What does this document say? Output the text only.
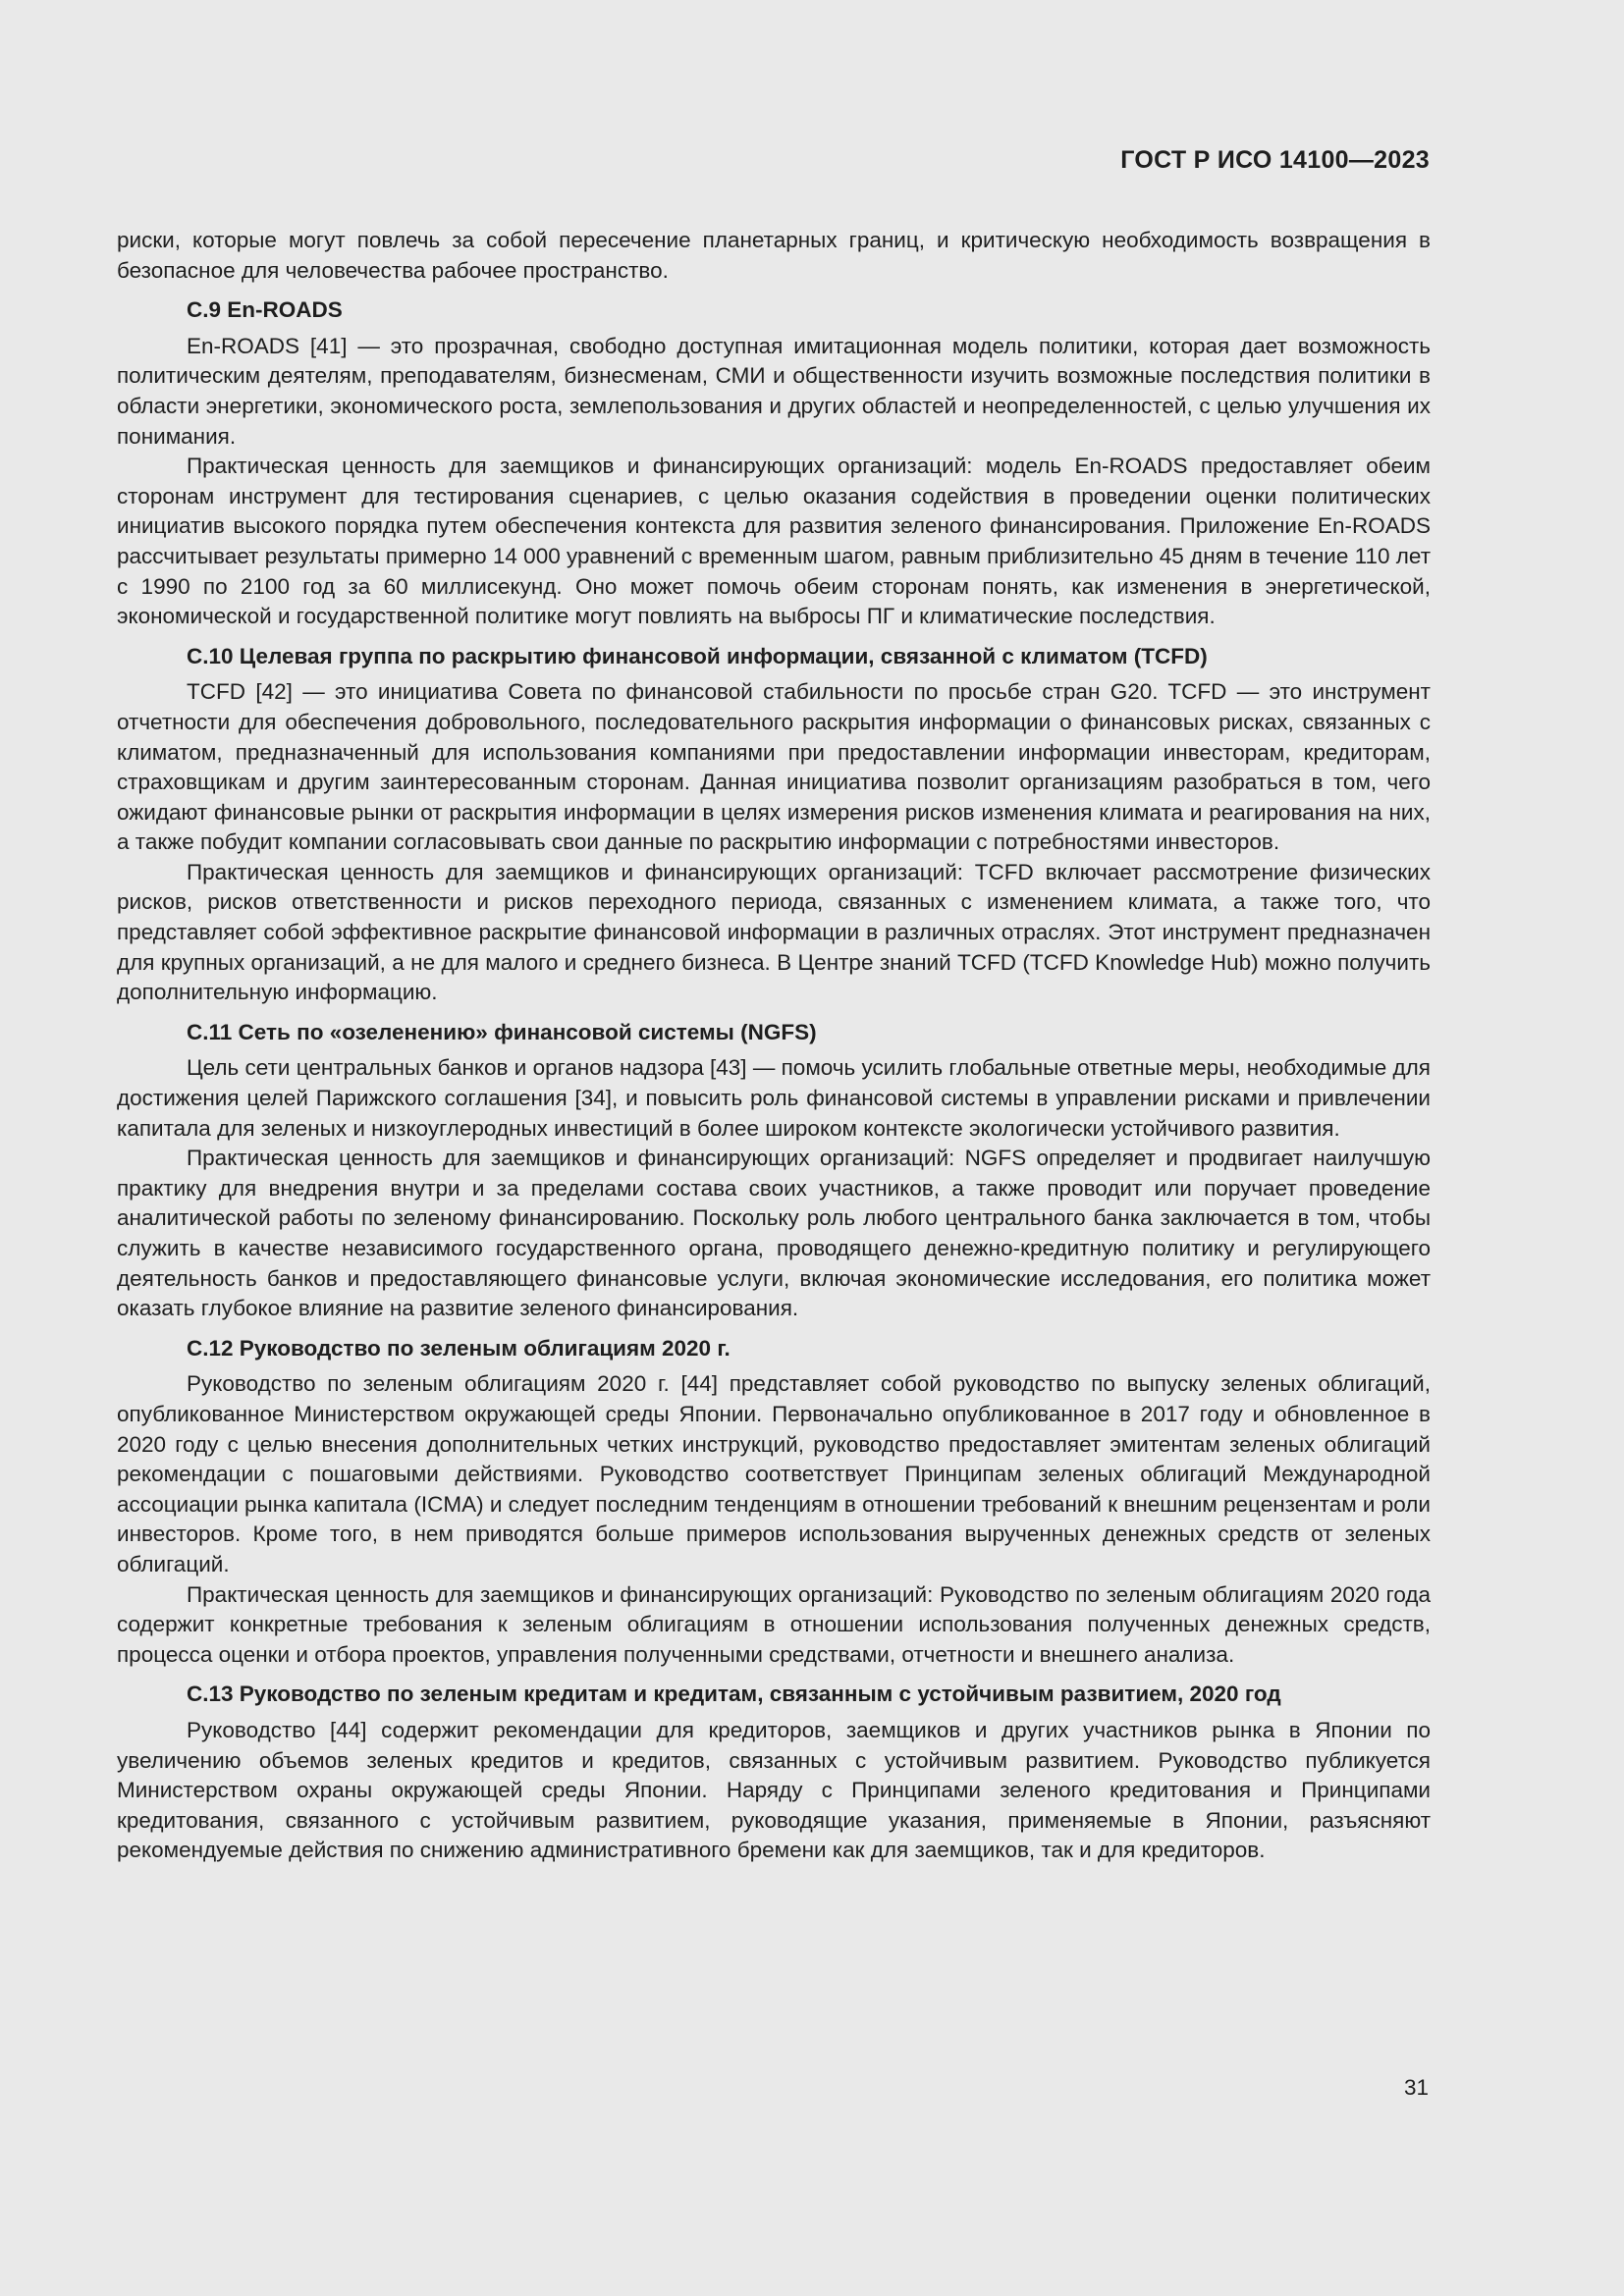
ГОСТ Р ИСО 14100—2023

риски, которые могут повлечь за собой пересечение планетарных границ, и критическую необходимость возвращения в безопасное для человечества рабочее пространство.

С.9 En-ROADS

En-ROADS [41] — это прозрачная, свободно доступная имитационная модель политики, которая дает возможность политическим деятелям, преподавателям, бизнесменам, СМИ и общественности изучить возможные последствия политики в области энергетики, экономического роста, землепользования и других областей и неопределенностей, с целью улучшения их понимания.

Практическая ценность для заемщиков и финансирующих организаций: модель En-ROADS предоставляет обеим сторонам инструмент для тестирования сценариев, с целью оказания содействия в проведении оценки политических инициатив высокого порядка путем обеспечения контекста для развития зеленого финансирования. Приложение En-ROADS рассчитывает результаты примерно 14 000 уравнений с временным шагом, равным приблизительно 45 дням в течение 110 лет с 1990 по 2100 год за 60 миллисекунд. Оно может помочь обеим сторонам понять, как изменения в энергетической, экономической и государственной политике могут повлиять на выбросы ПГ и климатические последствия.

С.10 Целевая группа по раскрытию финансовой информации, связанной с климатом (TCFD)

TCFD [42] — это инициатива Совета по финансовой стабильности по просьбе стран G20. TCFD — это инструмент отчетности для обеспечения добровольного, последовательного раскрытия информации о финансовых рисках, связанных с климатом, предназначенный для использования компаниями при предоставлении информации инвесторам, кредиторам, страховщикам и другим заинтересованным сторонам. Данная инициатива позволит организациям разобраться в том, чего ожидают финансовые рынки от раскрытия информации в целях измерения рисков изменения климата и реагирования на них, а также побудит компании согласовывать свои данные по раскрытию информации с потребностями инвесторов.

Практическая ценность для заемщиков и финансирующих организаций: TCFD включает рассмотрение физических рисков, рисков ответственности и рисков переходного периода, связанных с изменением климата, а также того, что представляет собой эффективное раскрытие финансовой информации в различных отраслях. Этот инструмент предназначен для крупных организаций, а не для малого и среднего бизнеса. В Центре знаний TCFD (TCFD Knowledge Hub) можно получить дополнительную информацию.

С.11 Сеть по «озеленению» финансовой системы (NGFS)

Цель сети центральных банков и органов надзора [43] — помочь усилить глобальные ответные меры, необходимые для достижения целей Парижского соглашения [34], и повысить роль финансовой системы в управлении рисками и привлечении капитала для зеленых и низкоуглеродных инвестиций в более широком контексте экологически устойчивого развития.

Практическая ценность для заемщиков и финансирующих организаций: NGFS определяет и продвигает наилучшую практику для внедрения внутри и за пределами состава своих участников, а также проводит или поручает проведение аналитической работы по зеленому финансированию. Поскольку роль любого центрального банка заключается в том, чтобы служить в качестве независимого государственного органа, проводящего денежно-кредитную политику и регулирующего деятельность банков и предоставляющего финансовые услуги, включая экономические исследования, его политика может оказать глубокое влияние на развитие зеленого финансирования.

С.12 Руководство по зеленым облигациям 2020 г.

Руководство по зеленым облигациям 2020 г. [44] представляет собой руководство по выпуску зеленых облигаций, опубликованное Министерством окружающей среды Японии. Первоначально опубликованное в 2017 году и обновленное в 2020 году с целью внесения дополнительных четких инструкций, руководство предоставляет эмитентам зеленых облигаций рекомендации с пошаговыми действиями. Руководство соответствует Принципам зеленых облигаций Международной ассоциации рынка капитала (ICMA) и следует последним тенденциям в отношении требований к внешним рецензентам и роли инвесторов. Кроме того, в нем приводятся больше примеров использования вырученных денежных средств от зеленых облигаций.

Практическая ценность для заемщиков и финансирующих организаций: Руководство по зеленым облигациям 2020 года содержит конкретные требования к зеленым облигациям в отношении использования полученных денежных средств, процесса оценки и отбора проектов, управления полученными средствами, отчетности и внешнего анализа.

С.13 Руководство по зеленым кредитам и кредитам, связанным с устойчивым развитием, 2020 год

Руководство [44] содержит рекомендации для кредиторов, заемщиков и других участников рынка в Японии по увеличению объемов зеленых кредитов и кредитов, связанных с устойчивым развитием. Руководство публикуется Министерством охраны окружающей среды Японии. Наряду с Принципами зеленого кредитования и Принципами кредитования, связанного с устойчивым развитием, руководящие указания, применяемые в Японии, разъясняют рекомендуемые действия по снижению административного бремени как для заемщиков, так и для кредиторов.

31
